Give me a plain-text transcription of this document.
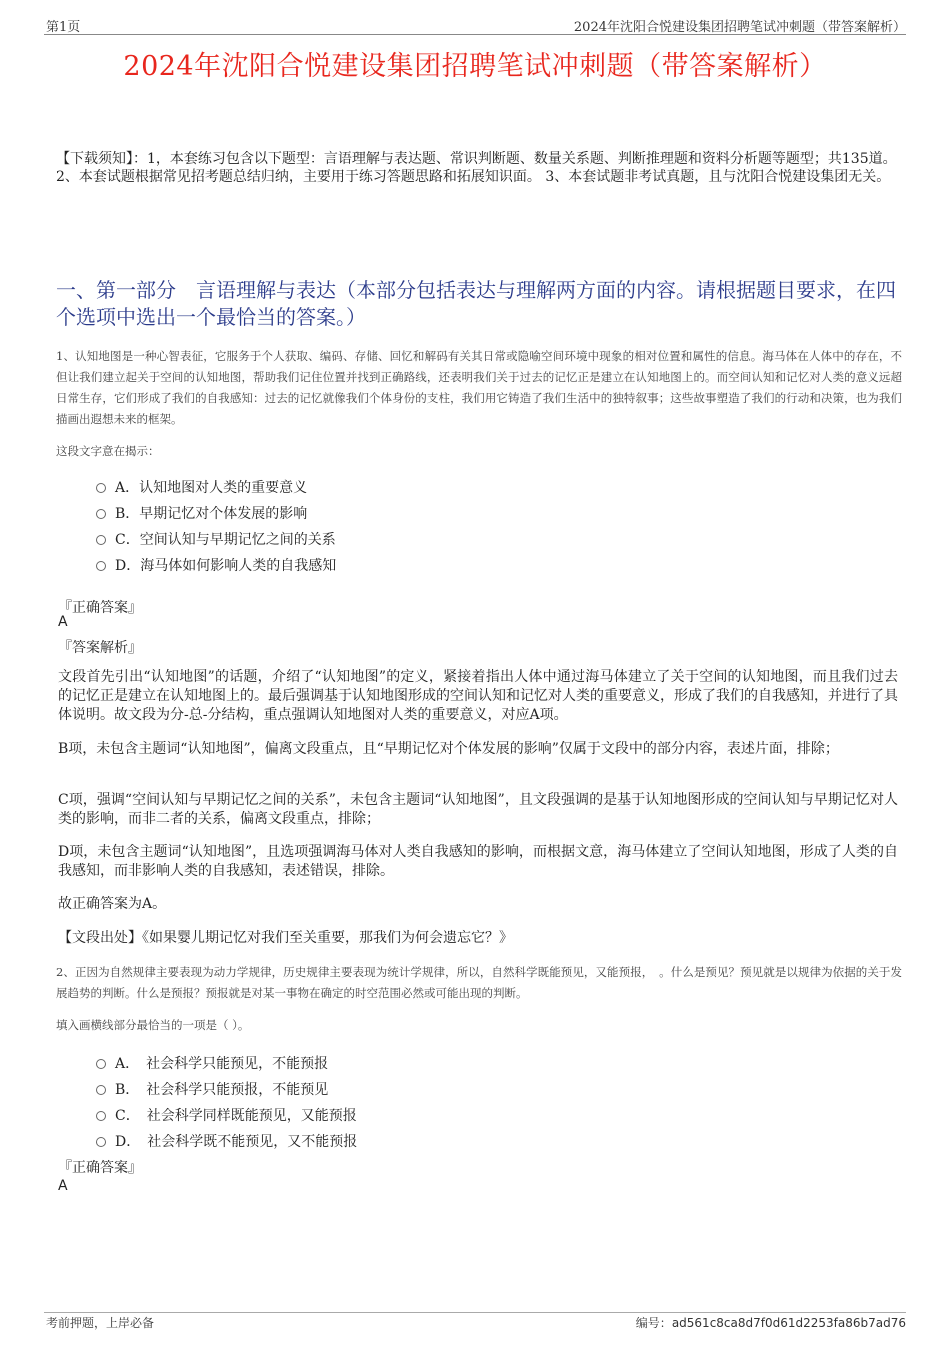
第1页	2024年沈阳合悦建设集团招聘笔试冲刺题（带答案解析）
2024年沈阳合悦建设集团招聘笔试冲刺题（带答案解析）
【下载须知】：1，本套练习包含以下题型：言语理解与表达题、常识判断题、数量关系题、判断推理题和资料分析题等题型；共135道。 2、本套试题根据常见招考题总结归纳，主要用于练习答题思路和拓展知识面。 3、本套试题非考试真题，且与沈阳合悦建设集团无关。
一、第一部分　言语理解与表达（本部分包括表达与理解两方面的内容。请根据题目要求，在四个选项中选出一个最恰当的答案。）
1、认知地图是一种心智表征，它服务于个人获取、编码、存储、回忆和解码有关其日常或隐喻空间环境中现象的相对位置和属性的信息。海马体在人体中的存在，不但让我们建立起关于空间的认知地图，帮助我们记住位置并找到正确路线，还表明我们关于过去的记忆正是建立在认知地图上的。而空间认知和记忆对人类的意义远超日常生存，它们形成了我们的自我感知：过去的记忆就像我们个体身份的支柱，我们用它铸造了我们生活中的独特叙事；这些故事塑造了我们的行动和决策，也为我们描画出遐想未来的框架。
这段文字意在揭示：
A．认知地图对人类的重要意义
B．早期记忆对个体发展的影响
C．空间认知与早期记忆之间的关系
D．海马体如何影响人类的自我感知
『正确答案』
A
『答案解析』
文段首先引出“认知地图”的话题，介绍了“认知地图”的定义，紧接着指出人体中通过海马体建立了关于空间的认知地图，而且我们过去的记忆正是建立在认知地图上的。最后强调基于认知地图形成的空间认知和记忆对人类的重要意义，形成了我们的自我感知，并进行了具体说明。故文段为分-总-分结构，重点强调认知地图对人类的重要意义，对应A项。
B项，未包含主题词“认知地图”，偏离文段重点，且“早期记忆对个体发展的影响”仅属于文段中的部分内容，表述片面，排除；
C项，强调“空间认知与早期记忆之间的关系”，未包含主题词“认知地图”，且文段强调的是基于认知地图形成的空间认知与早期记忆对人类的影响，而非二者的关系，偏离文段重点，排除；
D项，未包含主题词“认知地图”，且选项强调海马体对人类自我感知的影响，而根据文意，海马体建立了空间认知地图，形成了人类的自我感知，而非影响人类的自我感知，表述错误，排除。
故正确答案为A。
【文段出处】《如果婴儿期记忆对我们至关重要，那我们为何会遗忘它？》
2、正因为自然规律主要表现为动力学规律，历史规律主要表现为统计学规律，所以，自然科学既能预见，又能预报，　。什么是预见？预见就是以规律为依据的关于发展趋势的判断。什么是预报？预报就是对某一事物在确定的时空范围必然或可能出现的判断。
填入画横线部分最恰当的一项是（ ）。
A．　社会科学只能预见，不能预报
B．　社会科学只能预报，不能预见
C．　社会科学同样既能预见，又能预报
D．　社会科学既不能预见，又不能预报
『正确答案』
A
考前押题，上岸必备	编号：ad561c8ca8d7f0d61d2253fa86b7ad76
